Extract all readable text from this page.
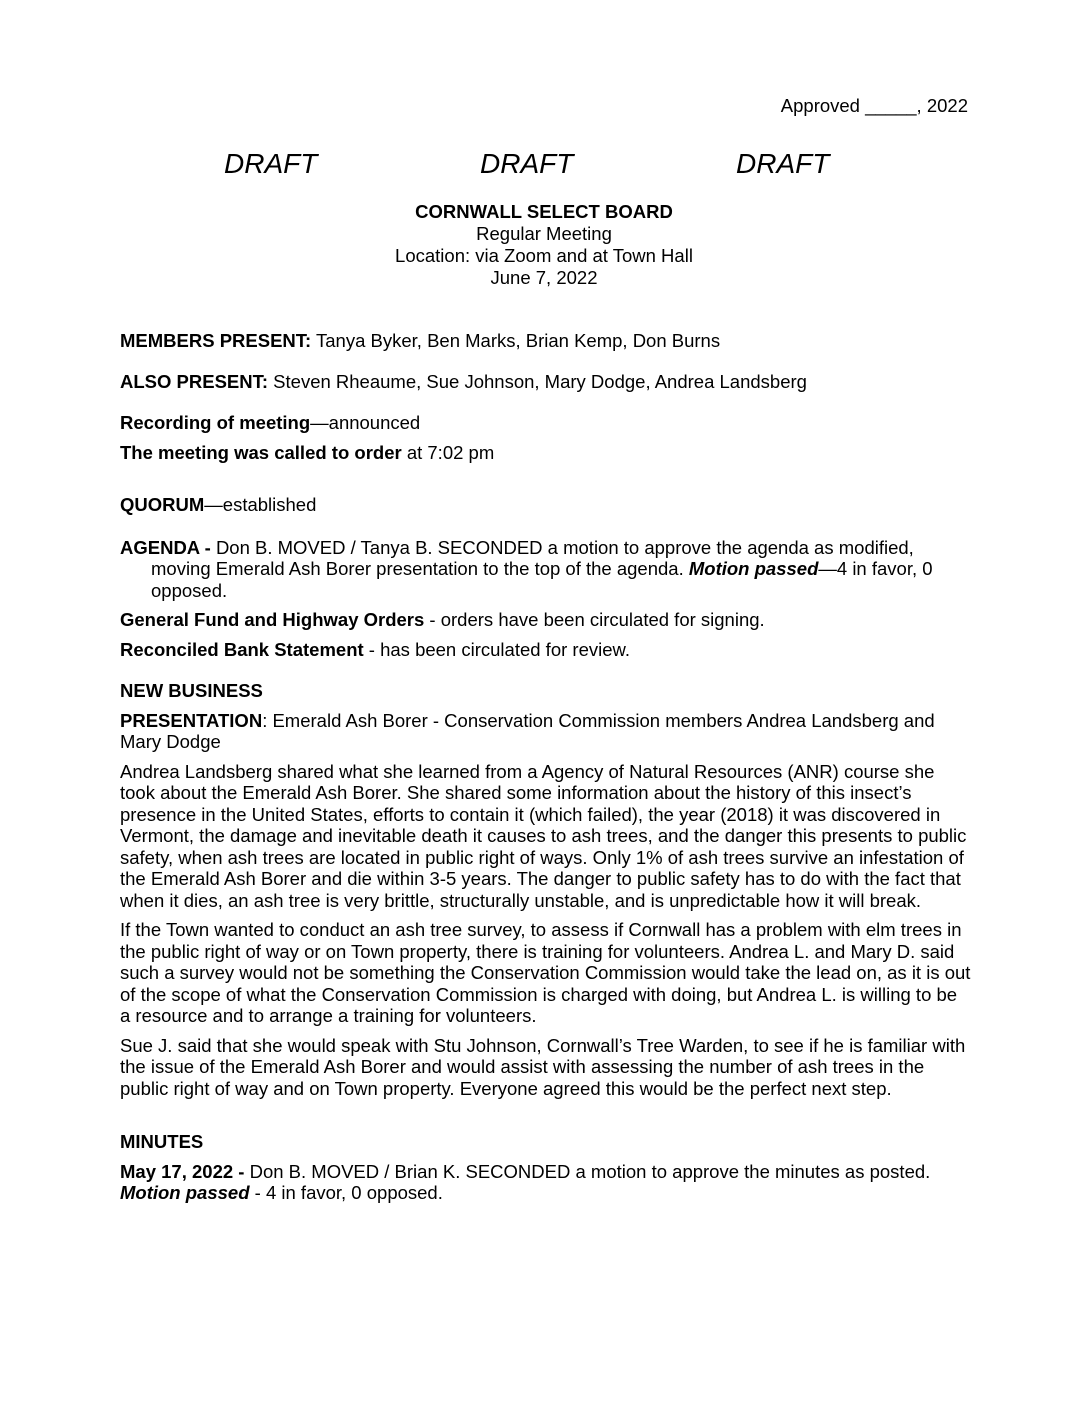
Approved _____, 2022
DRAFT	DRAFT	DRAFT
CORNWALL SELECT BOARD
Regular Meeting
Location: via Zoom and at Town Hall
June 7, 2022

MEMBERS PRESENT: Tanya Byker, Ben Marks, Brian Kemp, Don Burns

ALSO PRESENT: Steven Rheaume, Sue Johnson, Mary Dodge, Andrea Landsberg

Recording of meeting—announced

The meeting was called to order at 7:02 pm

QUORUM—established

AGENDA - Don B. MOVED / Tanya B. SECONDED a motion to approve the agenda as modified, moving Emerald Ash Borer presentation to the top of the agenda. Motion passed—4 in favor, 0 opposed.

General Fund and Highway Orders - orders have been circulated for signing.

Reconciled Bank Statement - has been circulated for review.

NEW BUSINESS

PRESENTATION: Emerald Ash Borer - Conservation Commission members Andrea Landsberg and Mary Dodge

Andrea Landsberg shared what she learned from a Agency of Natural Resources (ANR) course she took about the Emerald Ash Borer. She shared some information about the history of this insect’s presence in the United States, efforts to contain it (which failed), the year (2018) it was discovered in Vermont, the damage and inevitable death it causes to ash trees, and the danger this presents to public safety, when ash trees are located in public right of ways. Only 1% of ash trees survive an infestation of the Emerald Ash Borer and die within 3-5 years. The danger to public safety has to do with the fact that when it dies, an ash tree is very brittle, structurally unstable, and is unpredictable how it will break.

If the Town wanted to conduct an ash tree survey, to assess if Cornwall has a problem with elm trees in the public right of way or on Town property, there is training for volunteers. Andrea L. and Mary D. said such a survey would not be something the Conservation Commission would take the lead on, as it is out of the scope of what the Conservation Commission is charged with doing, but Andrea L. is willing to be a resource and to arrange a training for volunteers.

Sue J. said that she would speak with Stu Johnson, Cornwall’s Tree Warden, to see if he is familiar with the issue of the Emerald Ash Borer and would assist with assessing the number of ash trees in the public right of way and on Town property. Everyone agreed this would be the perfect next step.

MINUTES

May 17, 2022 - Don B. MOVED / Brian K. SECONDED a motion to approve the minutes as posted. Motion passed - 4 in favor, 0 opposed.
